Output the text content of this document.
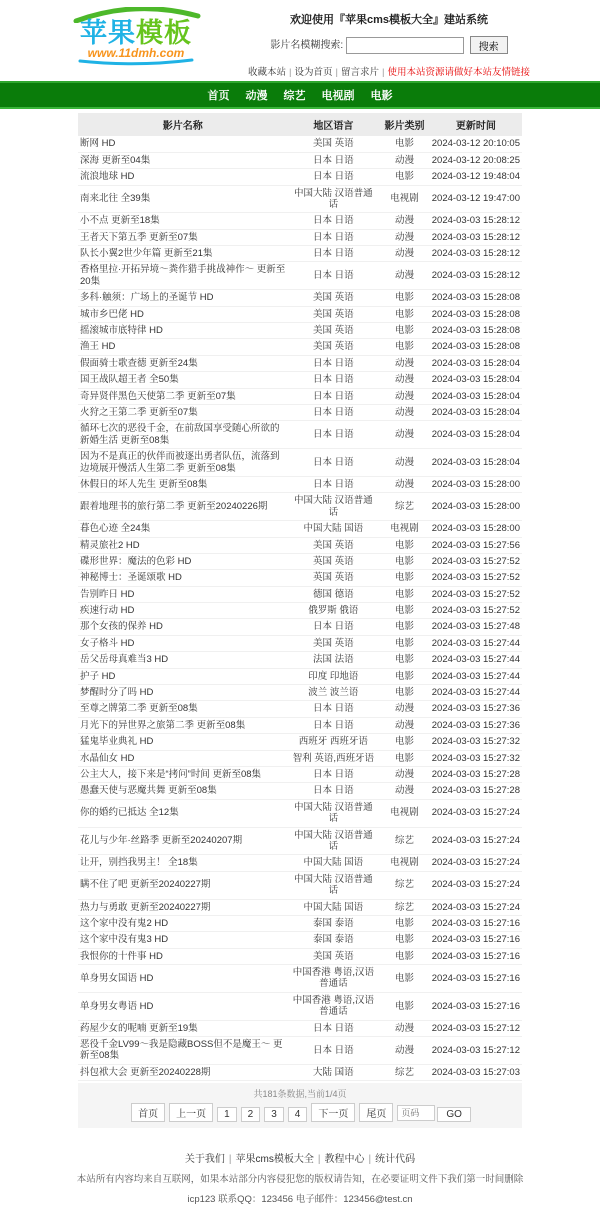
苹果模板
www.11dmh.com
欢迎使用『苹果cms模板大全』建站系统
影片名模糊搜索:	搜索
收藏本站 | 设为首页 | 留言求片 | 使用本站资源请做好本站友情链接
首页 动漫 综艺 电视剧 电影
影片名称	地区语言	影片类别	更新时间
断网 HD	美国 英语	电影	2024-03-12 20:10:05
深海 更新至04集	日本 日语	动漫	2024-03-12 20:08:25
流浪地球 HD	日本 日语	电影	2024-03-12 19:48:04
南来北往 全39集	中国大陆 汉语普通话	电视剧	2024-03-12 19:47:00
小不点 更新至18集	日本 日语	动漫	2024-03-03 15:28:12
王者天下第五季 更新至07集	日本 日语	动漫	2024-03-03 15:28:12
队长小翼2世少年篇 更新至21集	日本 日语	动漫	2024-03-03 15:28:12
香格里拉·开拓异境～粪作猎手挑战神作～ 更新至20集	日本 日语	动漫	2024-03-03 15:28:12
多科·触须：广场上的圣诞节 HD	美国 英语	电影	2024-03-03 15:28:08
城市乡巴佬 HD	美国 英语	电影	2024-03-03 15:28:08
摇滚城市底特律 HD	美国 英语	电影	2024-03-03 15:28:08
渔王 HD	美国 英语	电影	2024-03-03 15:28:08
假面骑士歌查德 更新至24集	日本 日语	动漫	2024-03-03 15:28:04
国王战队超王者 全50集	日本 日语	动漫	2024-03-03 15:28:04
奇异贤伴黑色天使第二季 更新至07集	日本 日语	动漫	2024-03-03 15:28:04
火狩之王第二季 更新至07集	日本 日语	动漫	2024-03-03 15:28:04
循环七次的恶役千金，在前敌国享受随心所欲的新婚生活 更新至08集	日本 日语	动漫	2024-03-03 15:28:04
因为不是真正的伙伴而被逐出勇者队伍，流落到边境展开慢活人生第二季 更新至08集	日本 日语	动漫	2024-03-03 15:28:04
休假日的坏人先生 更新至08集	日本 日语	动漫	2024-03-03 15:28:00
跟着地理书的旅行第二季 更新至20240226期	中国大陆 汉语普通话	综艺	2024-03-03 15:28:00
暮色心迹 全24集	中国大陆 国语	电视剧	2024-03-03 15:28:00
精灵旅社2 HD	美国 英语	电影	2024-03-03 15:27:56
碟形世界：魔法的色彩 HD	英国 英语	电影	2024-03-03 15:27:52
神秘博士：圣诞颂歌 HD	英国 英语	电影	2024-03-03 15:27:52
告别昨日 HD	德国 德语	电影	2024-03-03 15:27:52
疾速行动 HD	俄罗斯 俄语	电影	2024-03-03 15:27:52
那个女孩的保养 HD	日本 日语	电影	2024-03-03 15:27:48
女子格斗 HD	美国 英语	电影	2024-03-03 15:27:44
岳父岳母真难当3 HD	法国 法语	电影	2024-03-03 15:27:44
护子 HD	印度 印地语	电影	2024-03-03 15:27:44
梦醒时分了吗 HD	波兰 波兰语	电影	2024-03-03 15:27:44
至尊之牌第二季 更新至08集	日本 日语	动漫	2024-03-03 15:27:36
月光下的异世界之旅第二季 更新至08集	日本 日语	动漫	2024-03-03 15:27:36
猛鬼毕业典礼 HD	西班牙 西班牙语	电影	2024-03-03 15:27:32
水晶仙女 HD	智利 英语,西班牙语	电影	2024-03-03 15:27:32
公主大人，接下来是“拷问”时间 更新至08集	日本 日语	动漫	2024-03-03 15:27:28
愚蠢天使与恶魔共舞 更新至08集	日本 日语	动漫	2024-03-03 15:27:28
你的婚约已抵达 全12集	中国大陆 汉语普通话	电视剧	2024-03-03 15:27:24
花儿与少年·丝路季 更新至20240207期	中国大陆 汉语普通话	综艺	2024-03-03 15:27:24
让开，别挡我男主！ 全18集	中国大陆 国语	电视剧	2024-03-03 15:27:24
瞒不住了吧 更新至20240227期	中国大陆 汉语普通话	综艺	2024-03-03 15:27:24
热力与勇敢 更新至20240227期	中国大陆 国语	综艺	2024-03-03 15:27:24
这个家中没有鬼2 HD	泰国 泰语	电影	2024-03-03 15:27:16
这个家中没有鬼3 HD	泰国 泰语	电影	2024-03-03 15:27:16
我恨你的十件事 HD	美国 英语	电影	2024-03-03 15:27:16
单身男女国语 HD	中国香港 粤语,汉语普通话	电影	2024-03-03 15:27:16
单身男女粤语 HD	中国香港 粤语,汉语普通话	电影	2024-03-03 15:27:16
药屋少女的呢喃 更新至19集	日本 日语	动漫	2024-03-03 15:27:12
恶役千金LV99～我是隐藏BOSS但不是魔王～ 更新至08集	日本 日语	动漫	2024-03-03 15:27:12
抖包袱大会 更新至20240228期	大陆 国语	综艺	2024-03-03 15:27:03
共181条数据,当前1/4页
首页 上一页 1 2 3 4 下一页 尾页页码	GO
关于我们 | 苹果cms模板大全 | 教程中心 | 统计代码
本站所有内容均来自互联网，如果本站部分内容侵犯您的版权请告知，在必要证明文件下我们第一时间删除
icp123 联系QQ：123456 电子邮件：123456@test.cn
